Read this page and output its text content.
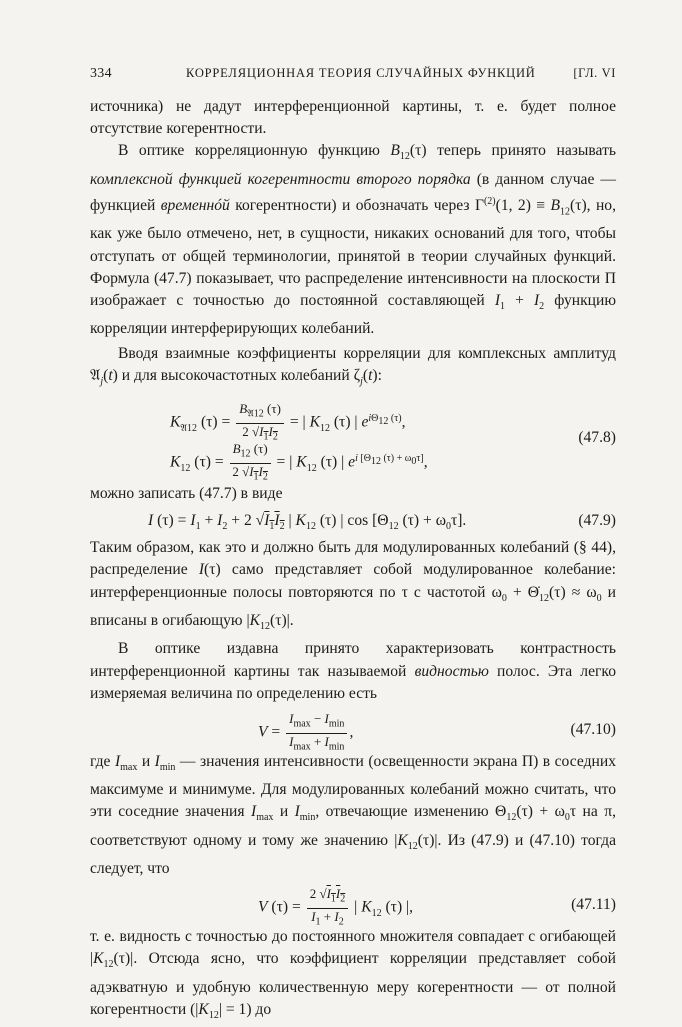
334	КОРРЕЛЯЦИОННАЯ ТЕОРИЯ СЛУЧАЙНЫХ ФУНКЦИЙ	[ГЛ. VI

источника) не дадут интерференционной картины, т. е. будет полное отсутствие когерентности.

В оптике корреляционную функцию $B_{12}(\tau)$ теперь принято называть комплексной функцией когерентности второго порядка (в данном случае — функцией временнóй когерентности) и обозначать через $\Gamma^{(2)}(1$, $2) \equiv B_{12}(\tau)$, но, как уже было отмечено, нет, в сущности, никаких оснований для того, чтобы отступать от общей терминологии, принятой в теории случайных функций. Формула (47.7) показывает, что распределение интенсивности на плоскости П изображает с точностью до постоянной составляющей $I_1 + I_2$ функцию корреляции интерферирующих колебаний.

Вводя взаимные коэффициенты корреляции для комплексных амплитуд 𝔄$_j$(t) и для высокочастотных колебаний $\zeta_j(t)$:

$K_{𝔄12}$ $(\tau) = \frac{B_{𝔄12} (\tau)}{2 √I_1I_2}$ = | $K_{12}$ (τ) | $e^{i\Theta_{12} (\tau)}$,
$K_{12}$ $(\tau) = \frac{B_{12} (\tau)}{2 √I_1I_2}$ = | $K_{12}$ (τ) | $e^{i [\Theta_{12} (\tau) + \omega_0\tau]}$,
(47.8)

можно записать (47.7) в виде

I $(\tau) = I_1 + I_2 + 2$ $√I_1I_2$ | $K_{12}$ (τ) | $\cos [\Theta_{12}$ $(\tau) + \omega_0\tau$].	(47.9)

Таким образом, как это и должно быть для модулированных колебаний (§ 44), распределение I(τ) само представляет собой модулированное колебание: интерференционные полосы повторяются по τ с частотой $\omega_0$ + $\Thetȧ_{12}(\tau) \approx \omega_0$ и вписаны в огибающую $|K_{12}(\tau)|$.

В оптике издавна принято характеризовать контрастность интерференционной картины так называемой видностью полос. Эта легко измеряемая величина по определению есть

$V = \frac{I_{max} - I_{min}}{I_{max} + I_{min}}$ ,	(47.10)

где $I_{max}$ и $I_{min}$ — значения интенсивности (освещенности экрана П) в соседних максимуме и минимуме. Для модулированных колебаний можно считать, что эти соседние значения $I_{max}$ и $I_{min}$, отвечающие изменению $\Theta_{12}(\tau) + \omega_0\tau$ на π, соответствуют одному и тому же значению $|K_{12}(\tau)|$. Из (47.9) и (47.10) тогда следует, что

V $(\tau) = \frac{2 √I_1I_2}{I_1 + I_2}$ | $K_{12}$ (τ) |,	(47.11)

т. е. видность с точностью до постоянного множителя совпадает с огибающей $|K_{12}(\tau)|$. Отсюда ясно, что коэффициент корреляции представляет собой адэкватную и удобную количественную меру когерентности — от полной когерентности $(|K_{12}| = 1)$ до
